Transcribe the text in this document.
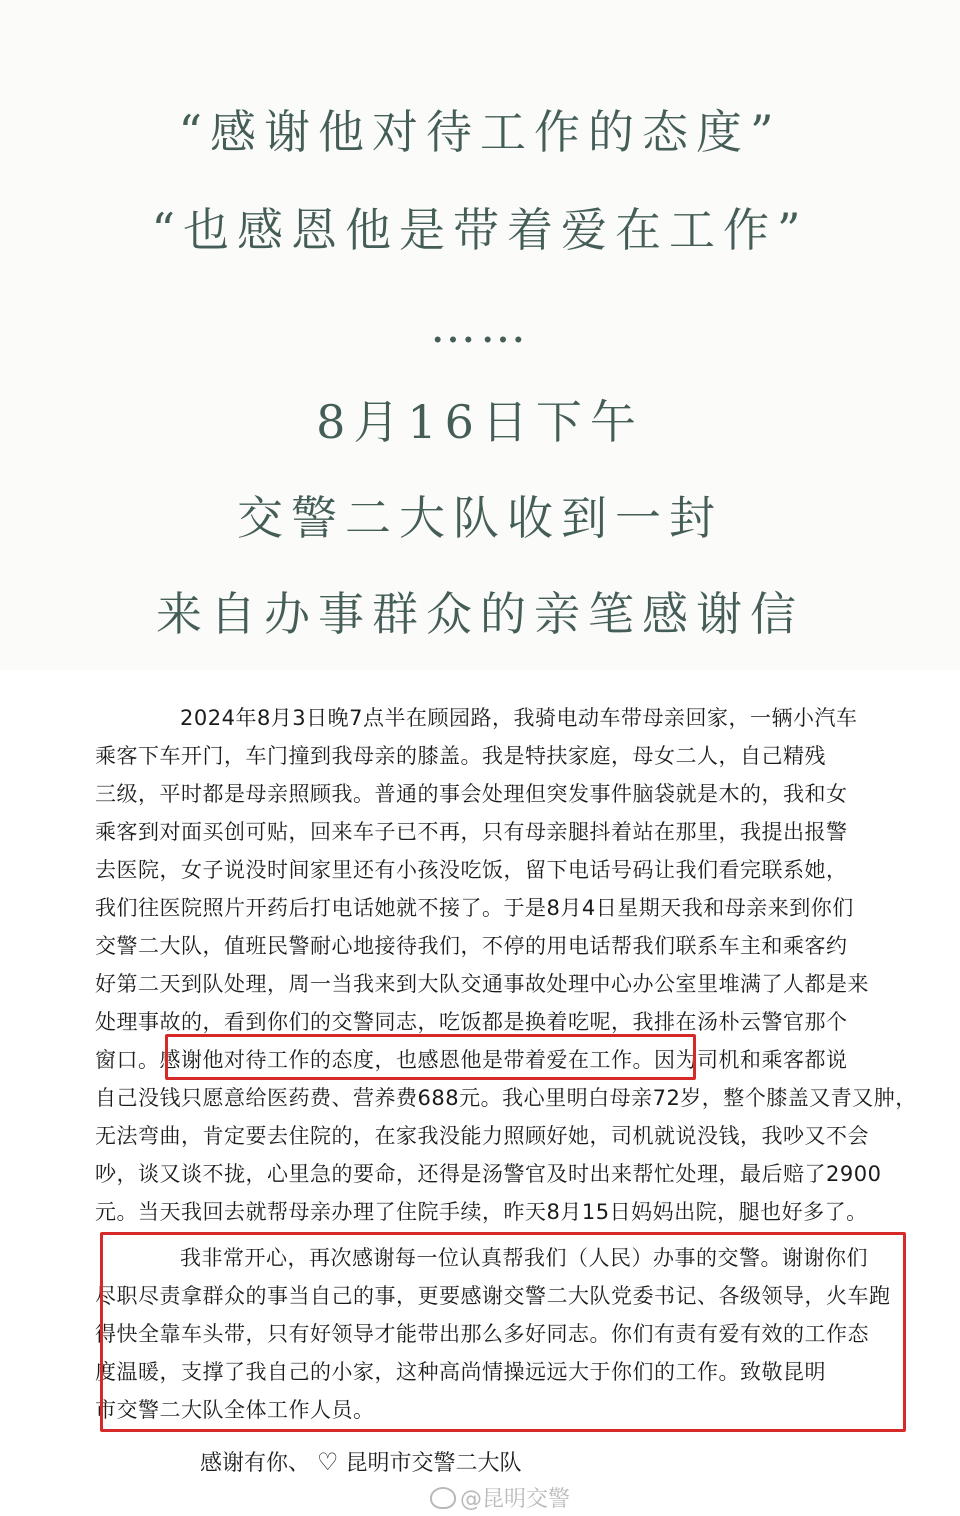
“感谢他对待工作的态度”
“也感恩他是带着爱在工作”
……
8月16日下午
交警二大队收到一封
来自办事群众的亲笔感谢信
2024年8月3日晚7点半在顾园路，我骑电动车带母亲回家，一辆小汽车
乘客下车开门，车门撞到我母亲的膝盖。我是特扶家庭，母女二人，自己精残
三级，平时都是母亲照顾我。普通的事会处理但突发事件脑袋就是木的，我和女
乘客到对面买创可贴，回来车子已不再，只有母亲腿抖着站在那里，我提出报警
去医院，女子说没时间家里还有小孩没吃饭，留下电话号码让我们看完联系她，
我们往医院照片开药后打电话她就不接了。于是8月4日星期天我和母亲来到你们
交警二大队，值班民警耐心地接待我们，不停的用电话帮我们联系车主和乘客约
好第二天到队处理，周一当我来到大队交通事故处理中心办公室里堆满了人都是来
处理事故的，看到你们的交警同志，吃饭都是换着吃呢，我排在汤朴云警官那个
窗口。感谢他对待工作的态度，也感恩他是带着爱在工作。因为司机和乘客都说
自己没钱只愿意给医药费、营养费688元。我心里明白母亲72岁，整个膝盖又青又肿，
无法弯曲，肯定要去住院的，在家我没能力照顾好她，司机就说没钱，我吵又不会
吵，谈又谈不拢，心里急的要命，还得是汤警官及时出来帮忙处理，最后赔了2900
元。当天我回去就帮母亲办理了住院手续，昨天8月15日妈妈出院，腿也好多了。
我非常开心，再次感谢每一位认真帮我们（人民）办事的交警。谢谢你们
尽职尽责拿群众的事当自己的事，更要感谢交警二大队党委书记、各级领导，火车跑
得快全靠车头带，只有好领导才能带出那么多好同志。你们有责有爱有效的工作态
度温暖，支撑了我自己的小家，这种高尚情操远远大于你们的工作。致敬昆明
市交警二大队全体工作人员。
感谢有你、 ♡ 昆明市交警二大队
@昆明交警
